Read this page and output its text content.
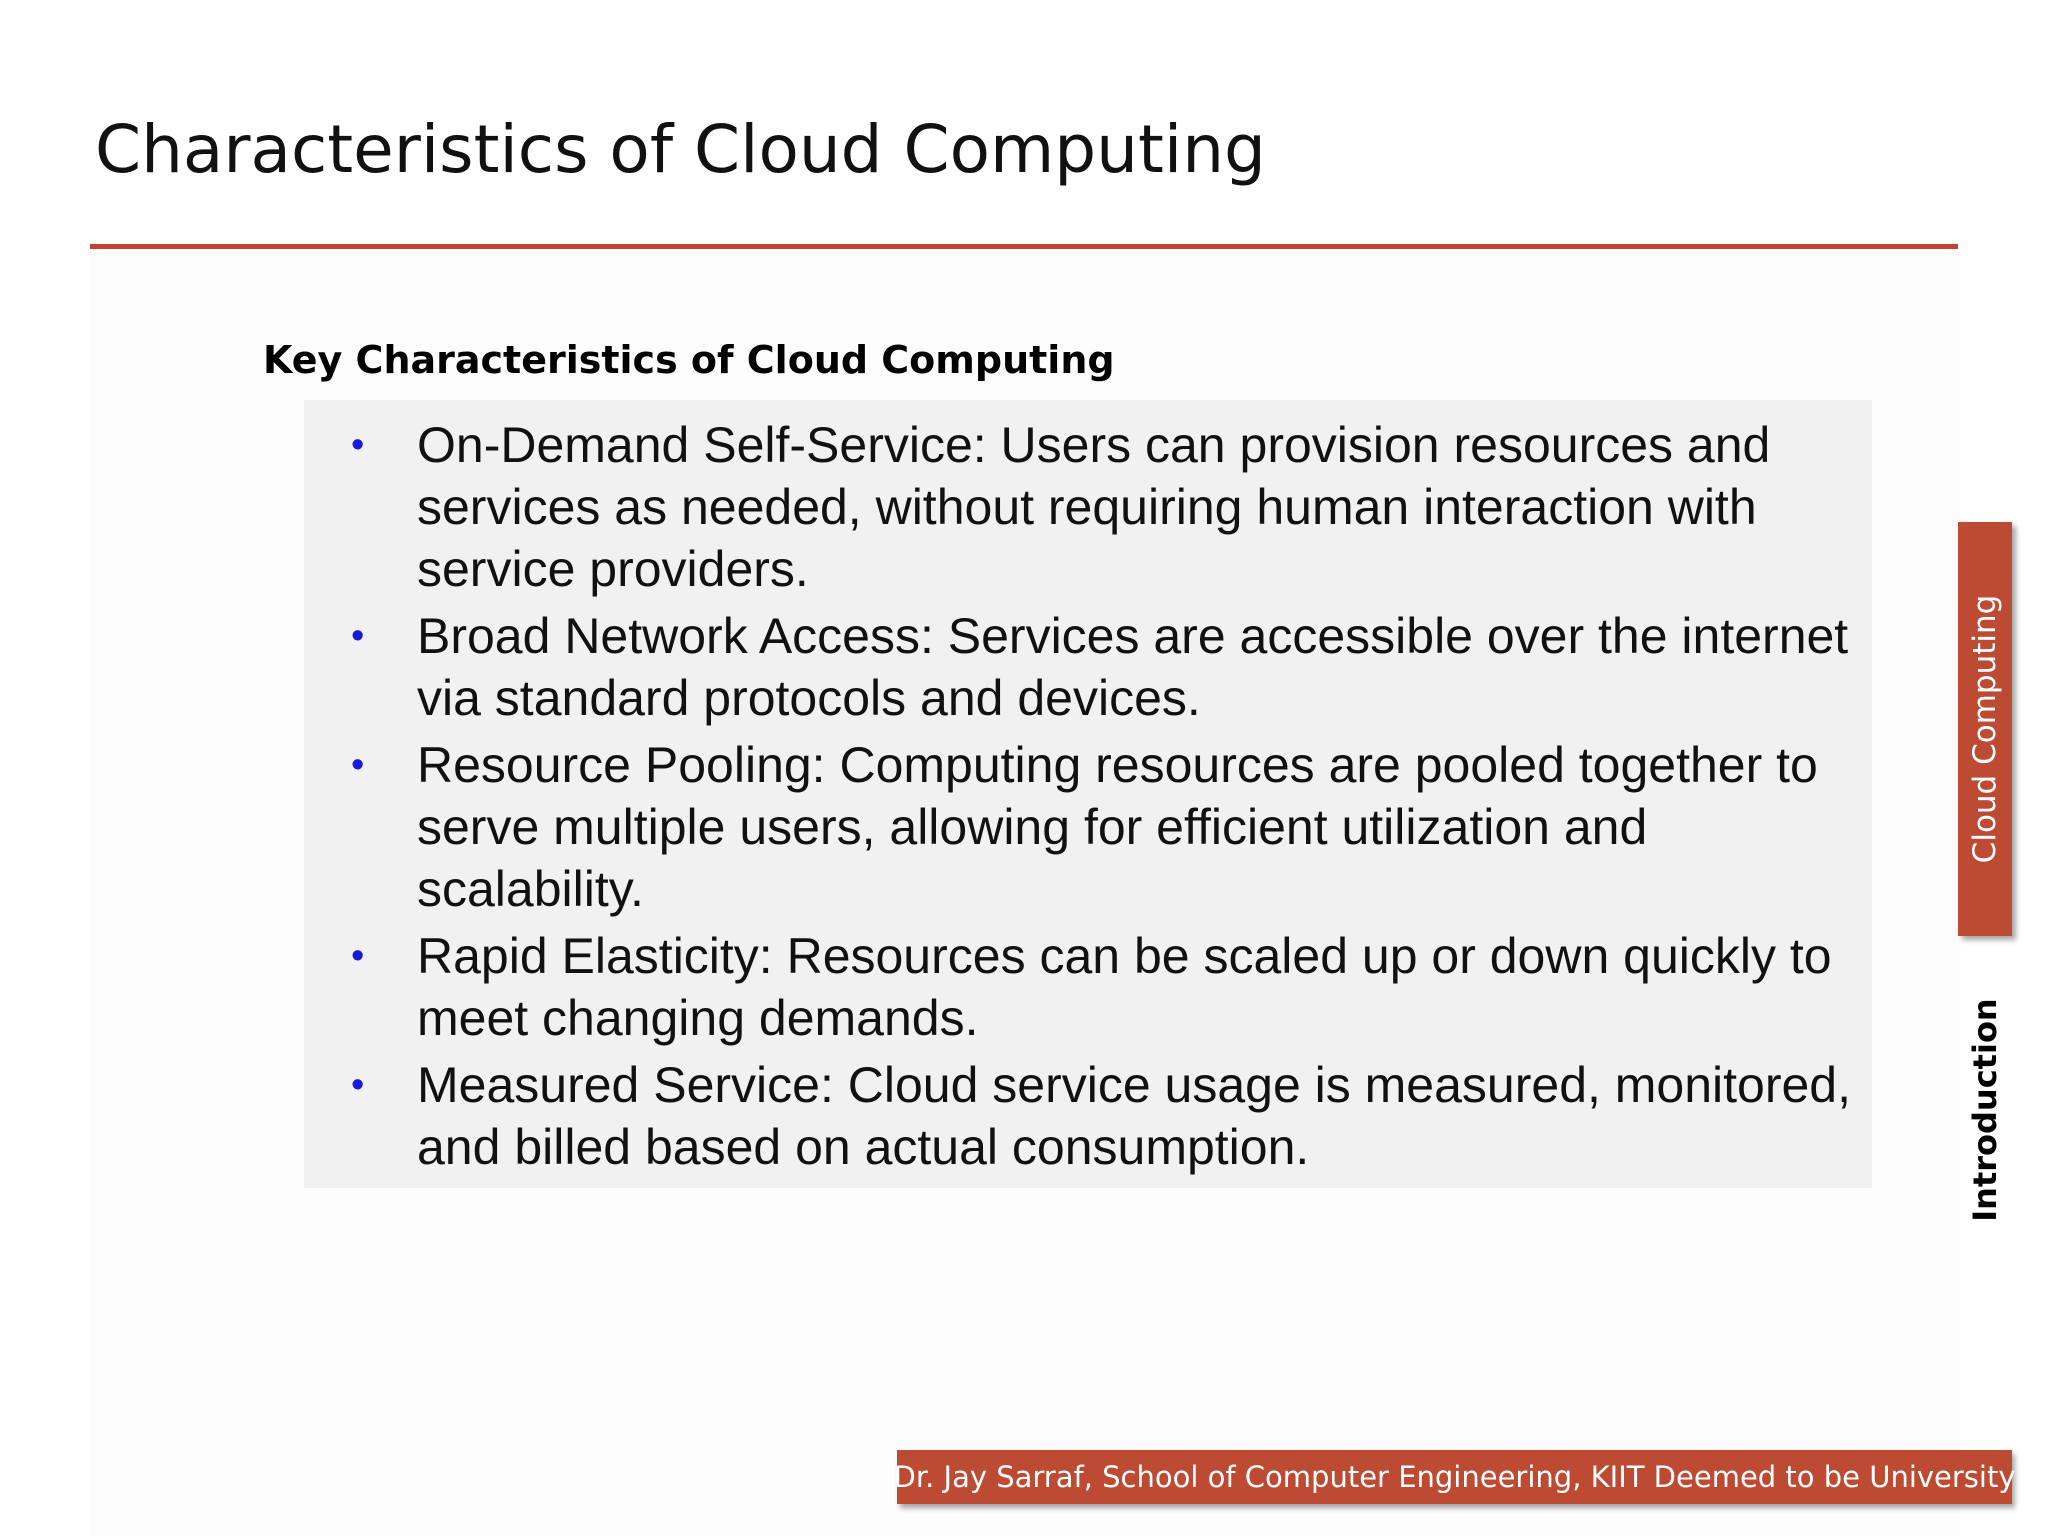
Characteristics of Cloud Computing
Key Characteristics of Cloud Computing
• On-Demand Self-Service: Users can provision resources and services as needed, without requiring human interaction with service providers.
• Broad Network Access: Services are accessible over the internet via standard protocols and devices.
• Resource Pooling: Computing resources are pooled together to serve multiple users, allowing for efficient utilization and scalability.
• Rapid Elasticity: Resources can be scaled up or down quickly to meet changing demands.
• Measured Service: Cloud service usage is measured, monitored, and billed based on actual consumption.
Cloud Computing
Introduction
Dr. Jay Sarraf, School of Computer Engineering, KIIT Deemed to be University
